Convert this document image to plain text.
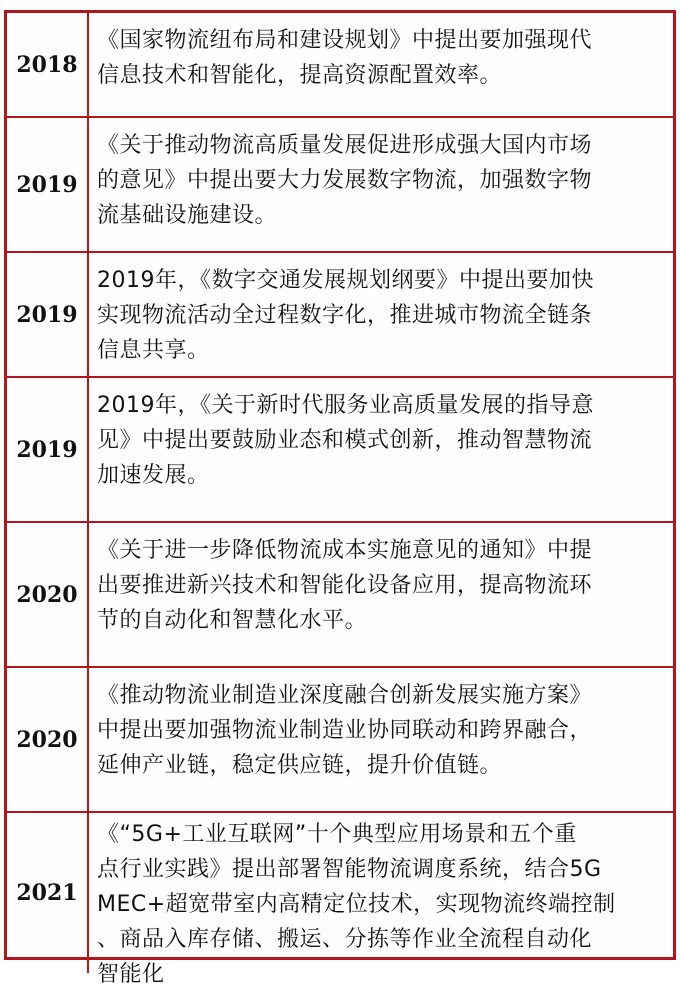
2018
《国家物流纽布局和建设规划》中提出要加强现代
信息技术和智能化，提高资源配置效率。
2019
《关于推动物流高质量发展促进形成强大国内市场
的意见》中提出要大力发展数字物流，加强数字物
流基础设施建设。
2019
2019年，《数字交通发展规划纲要》中提出要加快
实现物流活动全过程数字化，推进城市物流全链条
信息共享。
2019
2019年，《关于新时代服务业高质量发展的指导意
见》中提出要鼓励业态和模式创新，推动智慧物流
加速发展。
2020
《关于进一步降低物流成本实施意见的通知》中提
出要推进新兴技术和智能化设备应用，提高物流环
节的自动化和智慧化水平。
2020
《推动物流业制造业深度融合创新发展实施方案》
中提出要加强物流业制造业协同联动和跨界融合，
延伸产业链，稳定供应链，提升价值链。
2021
《“5G+工业互联网”十个典型应用场景和五个重
点行业实践》提出部署智能物流调度系统，结合5G
MEC+超宽带室内高精定位技术，实现物流终端控制
、商品入库存储、搬运、分拣等作业全流程自动化
智能化
